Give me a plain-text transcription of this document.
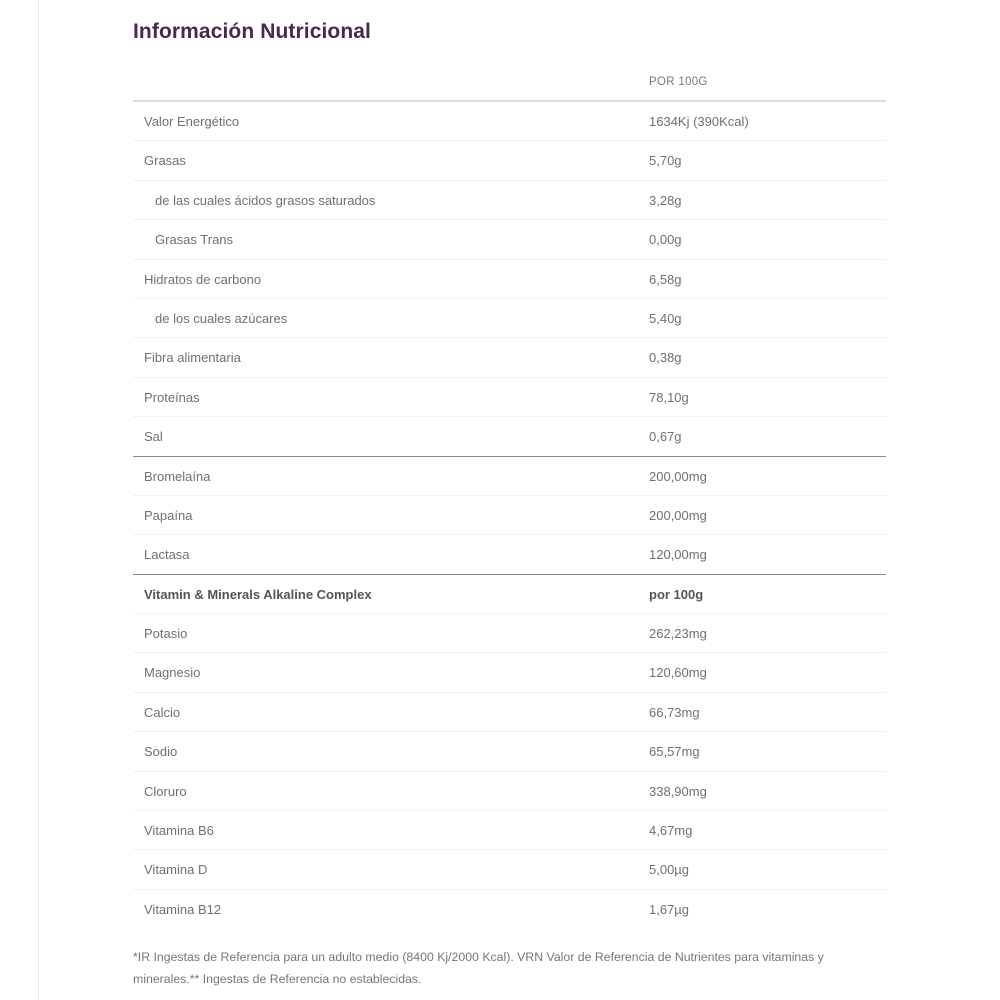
Información Nutricional
POR 100G
Valor Energético	1634Kj (390Kcal)
Grasas	5,70g
de las cuales ácidos grasos saturados	3,28g
Grasas Trans	0,00g
Hidratos de carbono	6,58g
de los cuales azúcares	5,40g
Fibra alimentaria	0,38g
Proteínas	78,10g
Sal	0,67g
Bromelaína	200,00mg
Papaína	200,00mg
Lactasa	120,00mg
Vitamin & Minerals Alkaline Complex	por 100g
Potasio	262,23mg
Magnesio	120,60mg
Calcio	66,73mg
Sodio	65,57mg
Cloruro	338,90mg
Vitamina B6	4,67mg
Vitamina D	5,00µg
Vitamina B12	1,67µg

*IR Ingestas de Referencia para un adulto medio (8400 Kj/2000 Kcal). VRN Valor de Referencia de Nutrientes para vitaminas y minerales.** Ingestas de Referencia no establecidas.
